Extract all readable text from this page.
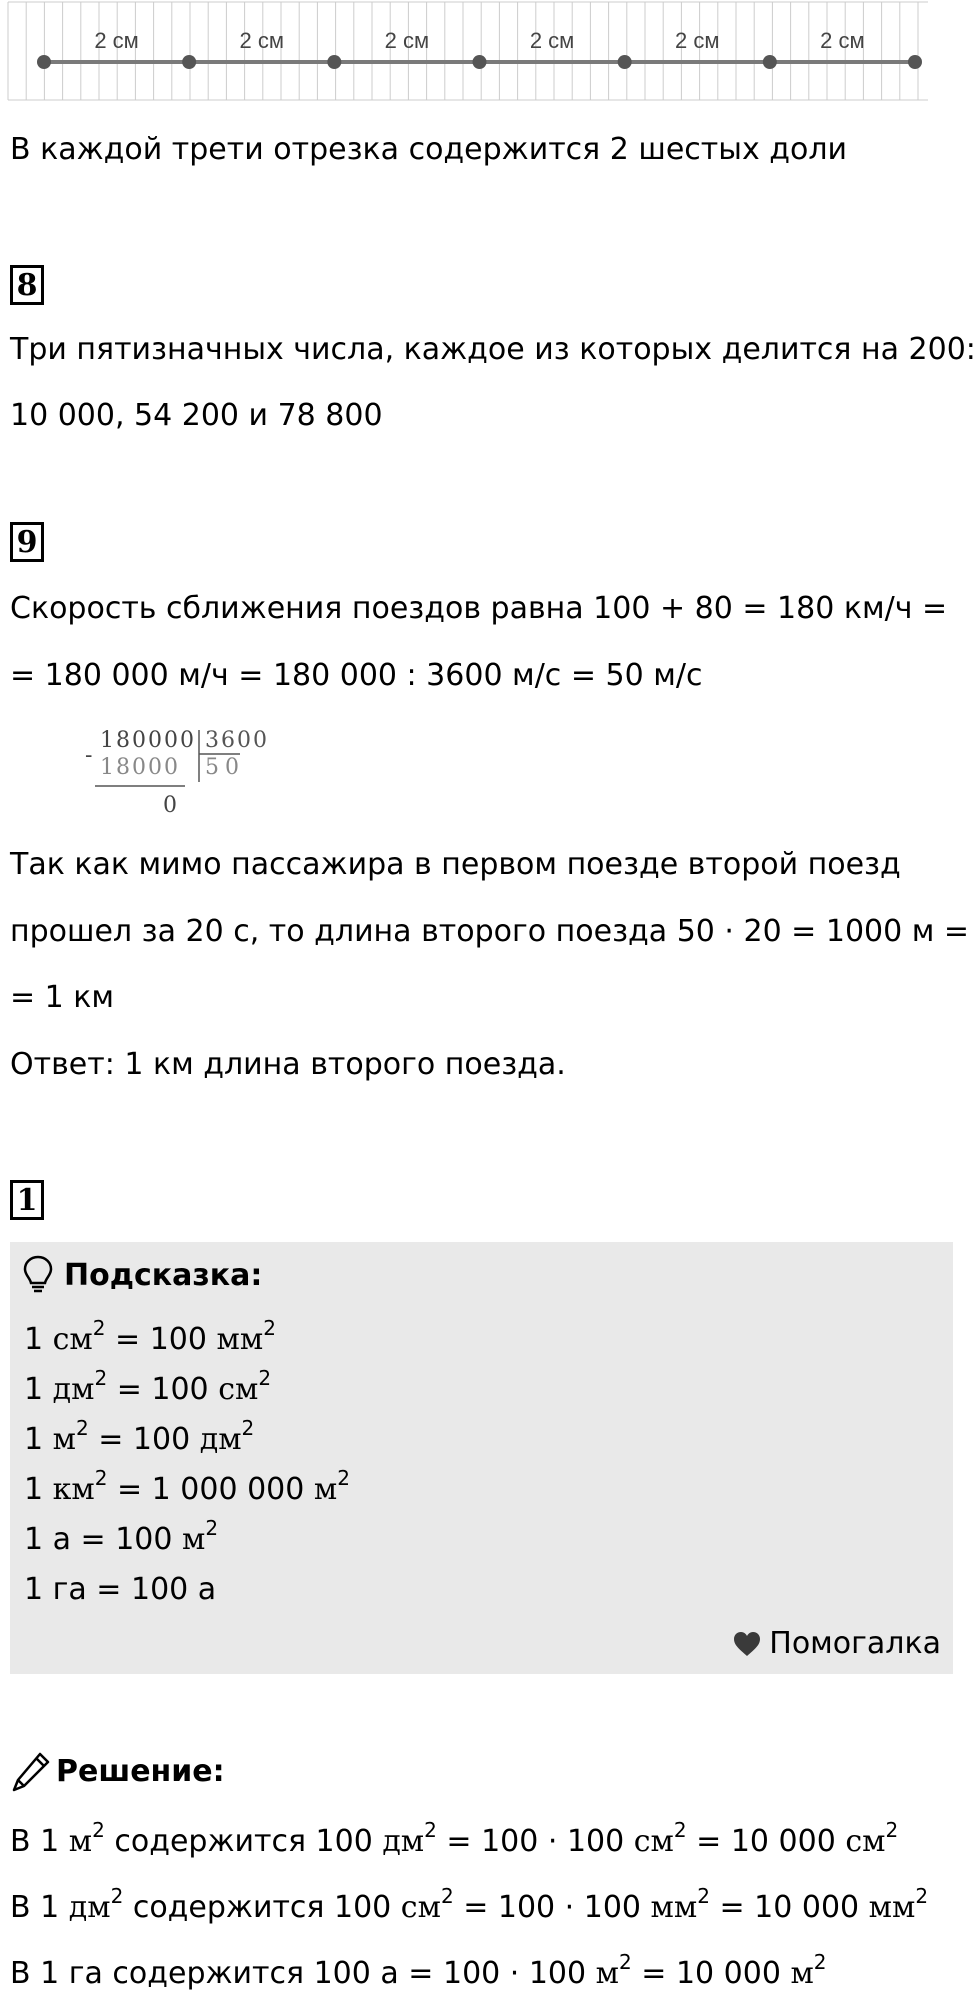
2 см	2 см	2 см	2 см	2 см	2 см

В каждой трети отрезка содержится 2 шестых доли

8

Три пятизначных числа, каждое из которых делится на 200:

10 000, 54 200 и 78 800

9

Скорость сближения поездов равна 100 + 80 = 180 км/ч =

= 180 000 м/ч = 180 000 : 3600 м/с = 50 м/с

180000 3600
- 18000 50
0

Так как мимо пассажира в первом поезде второй поезд

прошел за 20 с, то длина второго поезда 50 · 20 = 1000 м =

= 1 км

Ответ: 1 км длина второго поезда.

1
Подсказка:
1 $см^2 = 100$ $мм^2$
1 $дм^2 = 100$ $см^2$
1 $м^2 = 100$ $дм^2$
1 $км^2 = 1$ 000 000 $м^2$
1 а = 100 $м^2$
1 га = 100 а
Помогалка
Решение:

В 1 $м^2$ содержится 100 $дм^2 = 100 \cdot 100$ $см^2 = 10$ 000 $см^2$

В 1 $дм^2$ содержится 100 $см^2 = 100 \cdot 100$ $мм^2 = 10$ 000 $мм^2$

В 1 га содержится 100 а = 100 · 100 $м^2 = 10$ 000 $м^2$
